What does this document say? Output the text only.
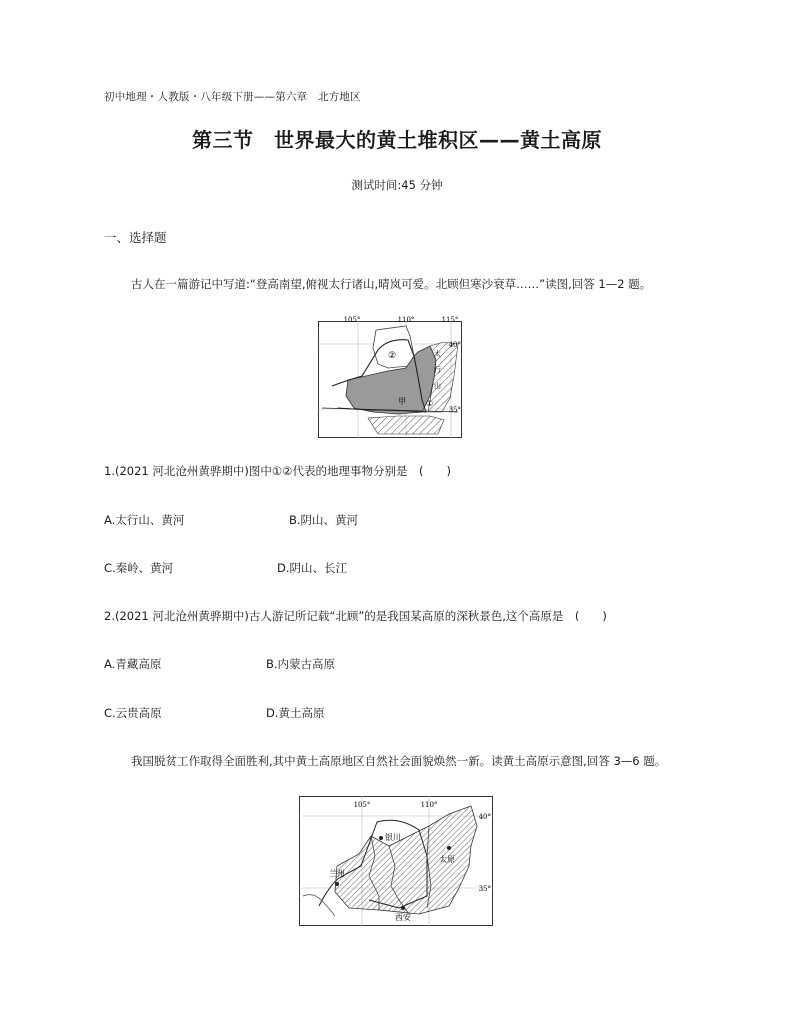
初中地理・人教版・八年级下册——第六章　北方地区
第三节　世界最大的黄土堆积区——黄土高原
测试时间:45 分钟
一、选择题
古人在一篇游记中写道:“登高南望,俯视太行诸山,晴岚可爱。北顾但寒沙衰草……”读图,回答 1—2 题。
105°	110°	115°
40°
35°
②
甲
太
行
山
①
1.(2021 河北沧州黄骅期中)图中①②代表的地理事物分别是　(　　)
A.太行山、黄河	B.阴山、黄河
C.秦岭、黄河	D.阴山、长江
2.(2021 河北沧州黄骅期中)古人游记所记载“北顾”的是我国某高原的深秋景色,这个高原是　(　　)
A.青藏高原	B.内蒙古高原
C.云贵高原	D.黄土高原
我国脱贫工作取得全面胜利,其中黄土高原地区自然社会面貌焕然一新。读黄土高原示意图,回答 3—6 题。
105°	110°
40°
35°
银川
兰州
太原
西安
